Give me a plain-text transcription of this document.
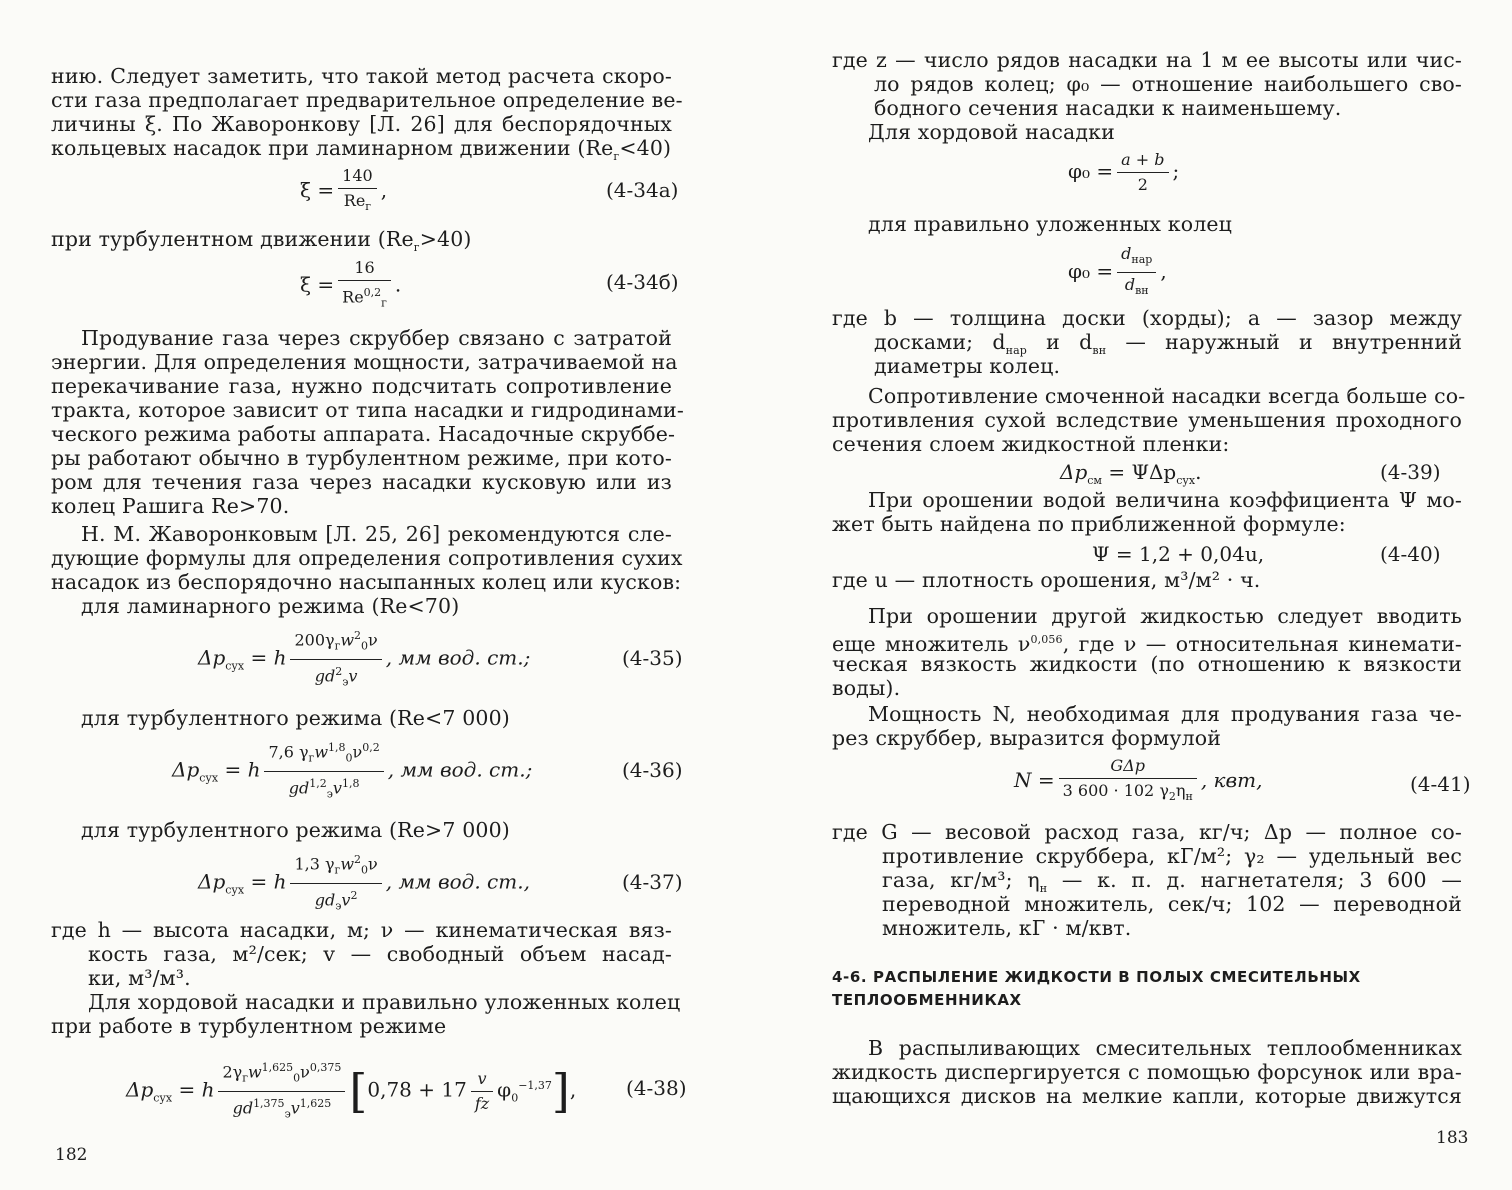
нию. Следует заметить, что такой метод расчета скоро-
сти газа предполагает предварительное определение ве-
личины ξ. По Жаворонкову [Л. 26] для беспорядочных
кольцевых насадок при ламинарном движении $(Re_г<40)$
$\xi = \frac{140}{Re_г}$ ,	(4-34а)
при турбулентном движении $(Re_г>40)$
$\xi = \frac{16}{Re^{0,2}_г}$ .	(4-34б)
Продувание газа через скруббер связано с затратой
энергии. Для определения мощности, затрачиваемой на
перекачивание газа, нужно подсчитать сопротивление
тракта, которое зависит от типа насадки и гидродинами-
ческого режима работы аппарата. Насадочные скруббе-
ры работают обычно в турбулентном режиме, при кото-
ром для течения газа через насадки кусковую или из
колец Рашига Re>70.
Н. М. Жаворонковым [Л. 25, 26] рекомендуются сле-
дующие формулы для определения сопротивления сухих
насадок из беспорядочно насыпанных колец или кусков:
для ламинарного режима (Re<70)
$\Delta p_{сух} = h \frac{200\gamma_гw^2_0\nu}{gd^2_эv}$ , мм вод. ст.;	(4-35)
для турбулентного режима (Re<7 000)
$\Delta p_{сух} = h \frac{7,6 \gamma_гw^{1,8}_0\nu^{0,2}}{gd^{1,2}_эv^{1,8}}$ , мм вод. ст.;	(4-36)
для турбулентного режима (Re>7 000)
$\Delta p_{сух} = h \frac{1,3 \gamma_гw^2_0\nu}{gd_эv^2}$ , мм вод. ст.,	(4-37)
где h — высота насадки, м; ν — кинематическая вяз-
кость газа, м²/сек; v — свободный объем насад-
ки, м³/м³.
Для хордовой насадки и правильно уложенных колец
при работе в турбулентном режиме
$\Delta p_{сух} = h \frac{2\gamma_гw^{1,625}_0\nu^{0,375}}{gd^{1,375}_эv^{1,625}} [0,78 + 17 \frac{v}{fz} \varphi_0^{-1,37}]$, (4-38)
182
где z — число рядов насадки на 1 м ее высоты или чис-
ло рядов колец; φ₀ — отношение наибольшего сво-
бодного сечения насадки к наименьшему.
Для хордовой насадки
$\varphi_0 = \frac{a + b}{2}$ ;
для правильно уложенных колец
$\varphi_0 = \frac{d_{нар}}{d_{вн}}$ ,
где b — толщина доски (хорды); a — зазор между
досками; $d_{нар}$ и $d_{вн}$ — наружный и внутренний
диаметры колец.
Сопротивление смоченной насадки всегда больше со-
противления сухой вследствие уменьшения проходного
сечения слоем жидкостной пленки:
$\Delta p_{см} = \Psi\Delta p_{сух}$.	(4-39)
При орошении водой величина коэффициента Ψ мо-
жет быть найдена по приближенной формуле:
Ψ = 1,2 + 0,04u,	(4-40)
где u — плотность орошения, м³/м² · ч.
При орошении другой жидкостью следует вводить
еще множитель $\nu^{0,056}$, где ν — относительная кинемати-
ческая вязкость жидкости (по отношению к вязкости
воды).
Мощность N, необходимая для продувания газа че-
рез скруббер, выразится формулой
$N = \frac{\text{GΔp}}{3 600 \cdot 102 \gamma_2\eta_н}$ , квт,	(4-41)
где G — весовой расход газа, кг/ч; Δp — полное со-
противление скруббера, кГ/м²; γ₂ — удельный вес
газа, кг/м³; $\eta_н$ — к. п. д. нагнетателя; 3 600 —
переводной множитель, сек/ч; 102 — переводной
множитель, кГ · м/квт.
4-6. РАСПЫЛЕНИЕ ЖИДКОСТИ В ПОЛЫХ СМЕСИТЕЛЬНЫХ
ТЕПЛООБМЕННИКАХ
В распыливающих смесительных теплообменниках
жидкость диспергируется с помощью форсунок или вра-
щающихся дисков на мелкие капли, которые движутся
183
